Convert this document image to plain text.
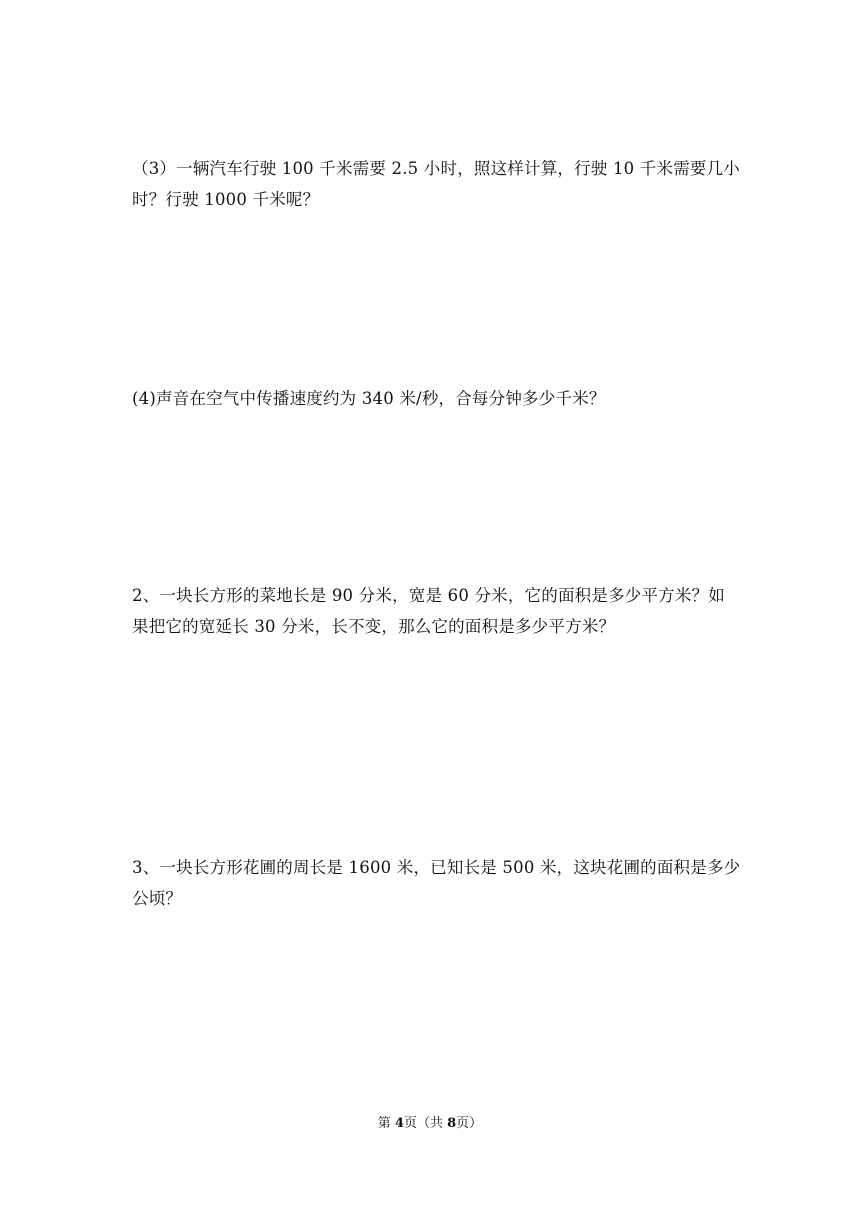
（3）一辆汽车行驶 100 千米需要 2.5 小时，照这样计算，行驶 10 千米需要几小

时？行驶 1000 千米呢？

(4)声音在空气中传播速度约为 340 米/秒，合每分钟多少千米？

2、一块长方形的菜地长是 90 分米，宽是 60 分米，它的面积是多少平方米？如

果把它的宽延长 30 分米，长不变，那么它的面积是多少平方米？

3、一块长方形花圃的周长是 1600 米，已知长是 500 米，这块花圃的面积是多少

公顷？

第 4页（共 8页）
